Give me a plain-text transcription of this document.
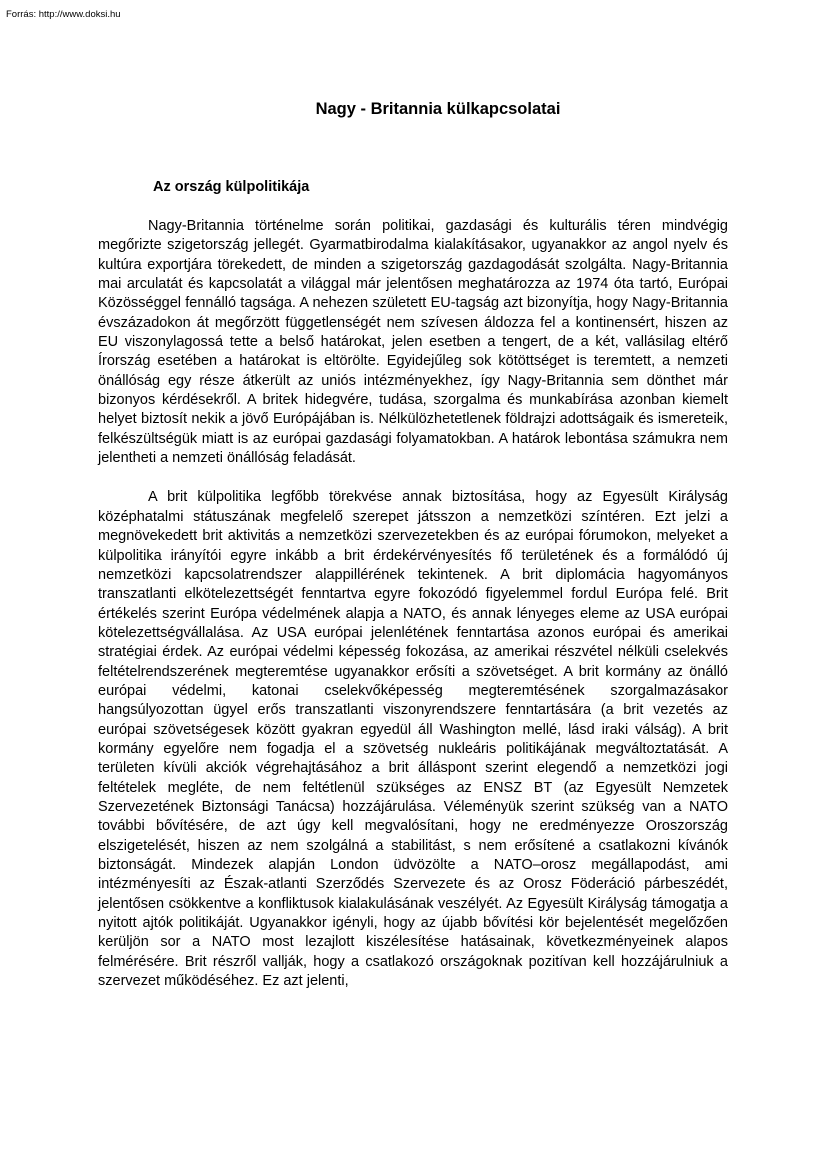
Forrás: http://www.doksi.hu
Nagy - Britannia külkapcsolatai
Az ország külpolitikája

Nagy-Britannia történelme során politikai, gazdasági és kulturális téren mindvégig megőrizte szigetország jellegét. Gyarmatbirodalma kialakításakor, ugyanakkor az angol nyelv és kultúra exportjára törekedett, de minden a szigetország gazdagodását szolgálta. Nagy-Britannia mai arculatát és kapcsolatát a világgal már jelentősen meghatározza az 1974 óta tartó, Európai Közösséggel fennálló tagsága. A nehezen született EU-tagság azt bizonyítja, hogy Nagy-Britannia évszázadokon át megőrzött függetlenségét nem szívesen áldozza fel a kontinensért, hiszen az EU viszonylagossá tette a belső határokat, jelen esetben a tengert, de a két, vallásilag eltérő Írország esetében a határokat is eltörölte. Egyidejűleg sok kötöttséget is teremtett, a nemzeti önállóság egy része átkerült az uniós intézményekhez, így Nagy-Britannia sem dönthet már bizonyos kérdésekről. A britek hidegvére, tudása, szorgalma és munkabírása azonban kiemelt helyet biztosít nekik a jövő Európájában is. Nélkülözhetetlenek földrajzi adottságaik és ismereteik, felkészültségük miatt is az európai gazdasági folyamatokban. A határok lebontása számukra nem jelentheti a nemzeti önállóság feladását.

A brit külpolitika legfőbb törekvése annak biztosítása, hogy az Egyesült Királyság középhatalmi státuszának megfelelő szerepet játsszon a nemzetközi színtéren. Ezt jelzi a megnövekedett brit aktivitás a nemzetközi szervezetekben és az európai fórumokon, melyeket a külpolitika irányítói egyre inkább a brit érdekérvényesítés fő területének és a formálódó új nemzetközi kapcsolatrendszer alappillérének tekintenek. A brit diplomácia hagyományos transzatlanti elkötelezettségét fenntartva egyre fokozódó figyelemmel fordul Európa felé. Brit értékelés szerint Európa védelmének alapja a NATO, és annak lényeges eleme az USA európai kötelezettségvállalása. Az USA európai jelenlétének fenntartása azonos európai és amerikai stratégiai érdek. Az európai védelmi képesség fokozása, az amerikai részvétel nélküli cselekvés feltételrendszerének megteremtése ugyanakkor erősíti a szövetséget. A brit kormány az önálló európai védelmi, katonai cselekvőképesség megteremtésének szorgalmazásakor hangsúlyozottan ügyel erős transzatlanti viszonyrendszere fenntartására (a brit vezetés az európai szövetségesek között gyakran egyedül áll Washington mellé, lásd iraki válság). A brit kormány egyelőre nem fogadja el a szövetség nukleáris politikájának megváltoztatását. A területen kívüli akciók végrehajtásához a brit álláspont szerint elegendő a nemzetközi jogi feltételek megléte, de nem feltétlenül szükséges az ENSZ BT (az Egyesült Nemzetek Szervezetének Biztonsági Tanácsa) hozzájárulása. Véleményük szerint szükség van a NATO további bővítésére, de azt úgy kell megvalósítani, hogy ne eredményezze Oroszország elszigetelését, hiszen az nem szolgálná a stabilitást, s nem erősítené a csatlakozni kívánók biztonságát. Mindezek alapján London üdvözölte a NATO–orosz megállapodást, ami intézményesíti az Észak-atlanti Szerződés Szervezete és az Orosz Föderáció párbeszédét, jelentősen csökkentve a konfliktusok kialakulásának veszélyét. Az Egyesült Királyság támogatja a nyitott ajtók politikáját. Ugyanakkor igényli, hogy az újabb bővítési kör bejelentését megelőzően kerüljön sor a NATO most lezajlott kiszélesítése hatásainak, következményeinek alapos felmérésére. Brit részről vallják, hogy a csatlakozó országoknak pozitívan kell hozzájárulniuk a szervezet működéséhez. Ez azt jelenti,
